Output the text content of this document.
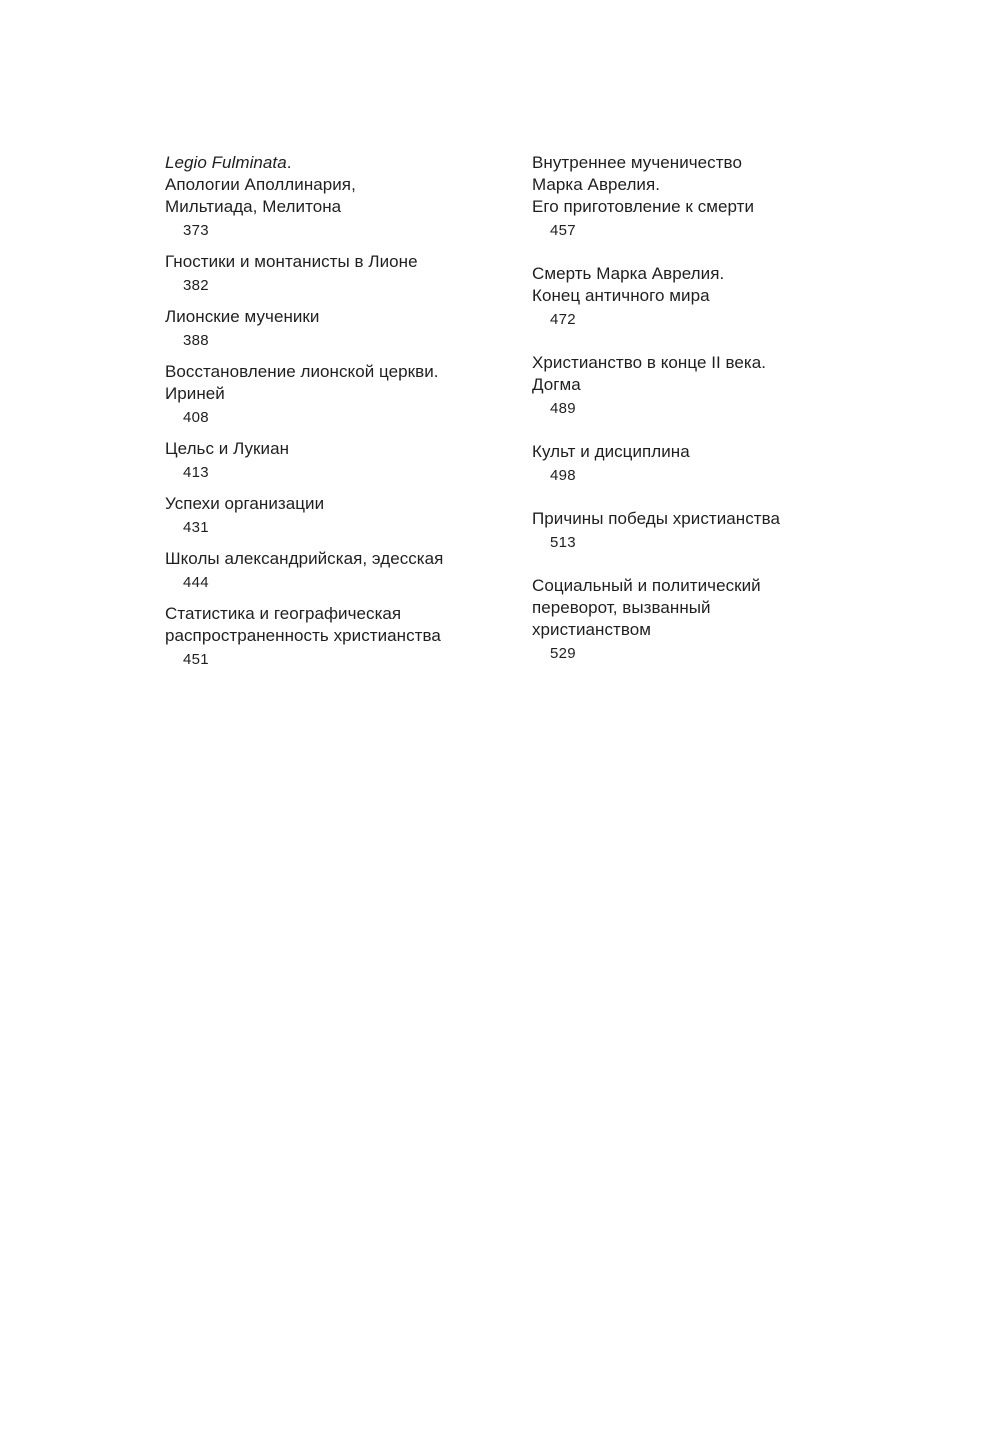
Legio Fulminata.
Апологии Аполлинария,
Мильтиада, Мелитона
373
Гностики и монтанисты в Лионе
382
Лионские мученики
388
Восстановление лионской церкви.
Ириней
408
Цельс и Лукиан
413
Успехи организации
431
Школы александрийская, эдесская
444
Статистика и географическая
распространенность христианства
451
Внутреннее мученичество
Марка Аврелия.
Его приготовление к смерти
457
Смерть Марка Аврелия.
Конец античного мира
472
Христианство в конце II века.
Догма
489
Культ и дисциплина
498
Причины победы христианства
513
Социальный и политический
переворот, вызванный
христианством
529
